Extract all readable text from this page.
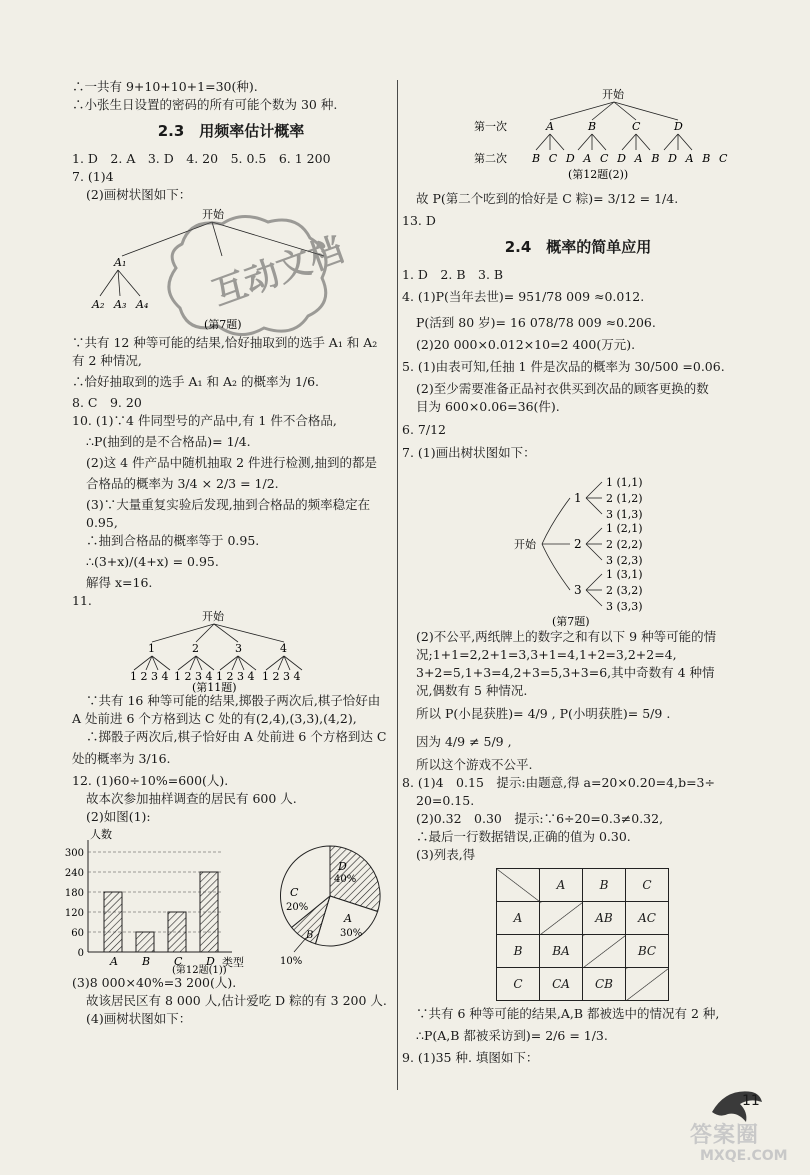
∴一共有 9+10+10+1=30(种).
∴小张生日设置的密码的所有可能个数为 30 种.
2.3　用频率估计概率
1. D　2. A　3. D　4. 20　5. 0.5　6. 1 200
7. (1)4
(2)画树状图如下：
开始
A₁
A₂ A₃ A₄ 互动文档
(第7题)
∵共有 12 种等可能的结果,恰好抽取到的选手 A₁ 和 A₂
有 2 种情况,
∴恰好抽取到的选手 A₁ 和 A₂ 的概率为 1/6.
8. C　9. 20
10. (1)∵4 件同型号的产品中,有 1 件不合格品,
∴P(抽到的是不合格品)= 1/4.
(2)这 4 件产品中随机抽取 2 件进行检测,抽到的都是
合格品的概率为 3/4 × 2/3 = 1/2.
(3)∵大量重复实验后发现,抽到合格品的频率稳定在
0.95,
∴抽到合格品的概率等于 0.95.
∴(3+x)/(4+x) = 0.95.
解得 x=16.
11.
开始
1	2	3	4
1 2 3 4 1 2 3 4 1 2 3 4 1 2 3 4
(第11题)
∵共有 16 种等可能的结果,掷骰子两次后,棋子恰好由
A 处前进 6 个方格到达 C 处的有(2,4),(3,3),(4,2),
∴掷骰子两次后,棋子恰好由 A 处前进 6 个方格到达 C
处的概率为 3/16.
12. (1)60÷10%=600(人).
故本次参加抽样调查的居民有 600 人.
(2)如图(1):
人数
300
240
180
120
60
0
A B C D 类型
(第12题(1))
D
40%
C
20%
A
30%
B
10%
(3)8 000×40%=3 200(人).
故该居民区有 8 000 人,估计爱吃 D 粽的有 3 200 人.
(4)画树状图如下：
开始
第一次	A	B	C	D
第二次 B C D A C D A B D A B C
(第12题(2))
故 P(第二个吃到的恰好是 C 粽)= 3/12 = 1/4.
13. D
2.4　概率的简单应用
1. D　2. B　3. B
4. (1)P(当年去世)= 951/78 009 ≈0.012.
P(活到 80 岁)= 16 078/78 009 ≈0.206.
(2)20 000×0.012×10=2 400(万元).
5. (1)由表可知,任抽 1 件是次品的概率为 30/500 =0.06.
(2)至少需要准备正品衬衣供买到次品的顾客更换的数
目为 600×0.06=36(件).
6. 7/12
7. (1)画出树状图如下：
开始
1
2
3
1 (1,1)
2 (1,2)
3 (1,3)
1 (2,1)
2 (2,2)
3 (2,3)
1 (3,1)
2 (3,2)
3 (3,3)
(第7题)
(2)不公平,两纸牌上的数字之和有以下 9 种等可能的情
况;1+1=2,2+1=3,3+1=4,1+2=3,2+2=4,
3+2=5,1+3=4,2+3=5,3+3=6,其中奇数有 4 种情
况,偶数有 5 种情况.
所以 P(小昆获胜)= 4/9 , P(小明获胜)= 5/9 .
因为 4/9 ≠ 5/9 ,
所以这个游戏不公平.
8. (1)4　0.15　提示:由题意,得 a=20×0.20=4,b=3÷
20=0.15.
(2)0.32　0.30　提示:∵6÷20=0.3≠0.32,
∴最后一行数据错误,正确的值为 0.30.
(3)列表,得
	A	B	C
A		AB	AC
B	BA		BC
C	CA	CB	
∵共有 6 种等可能的结果,A,B 都被选中的情况有 2 种,
∴P(A,B 都被采访到)= 2/6 = 1/3.
9. (1)35 种. 填图如下：
11
答案圈
MXQE.COM
